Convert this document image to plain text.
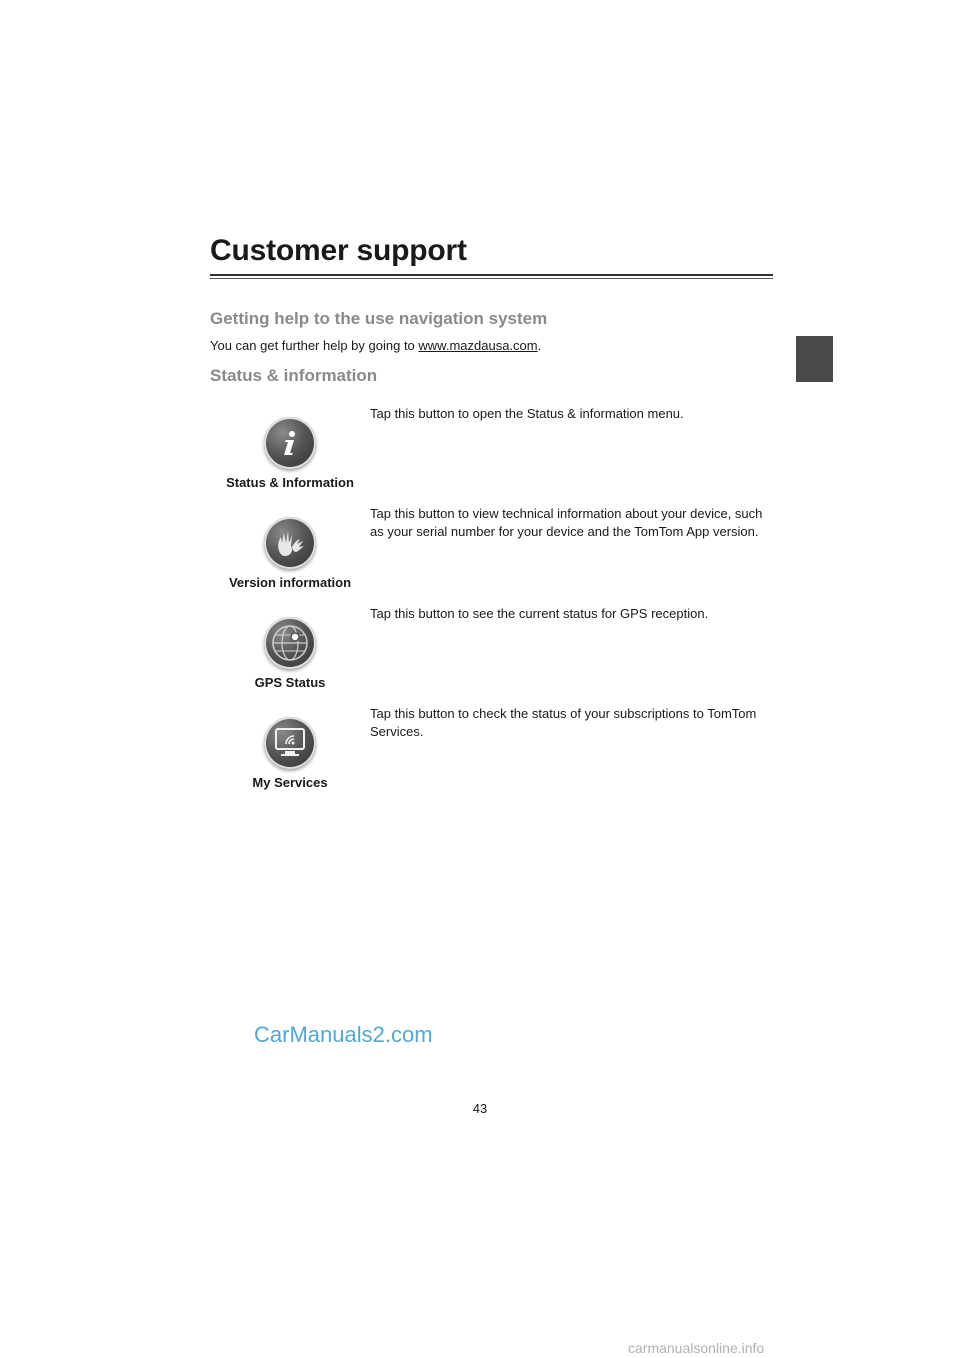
Customer support
Getting help to the use navigation system

You can get further help by going to www.mazdausa.com.

Status & information
Status & Information

Tap this button to open the Status & information menu.

Version information

Tap this button to view technical information about your device, such as your serial number for your device and the TomTom App version.

GPS Status

Tap this button to see the current status for GPS reception.

My Services

Tap this button to check the status of your subscriptions to TomTom Services.

CarManuals2.com

43

carmanualsonline.info
